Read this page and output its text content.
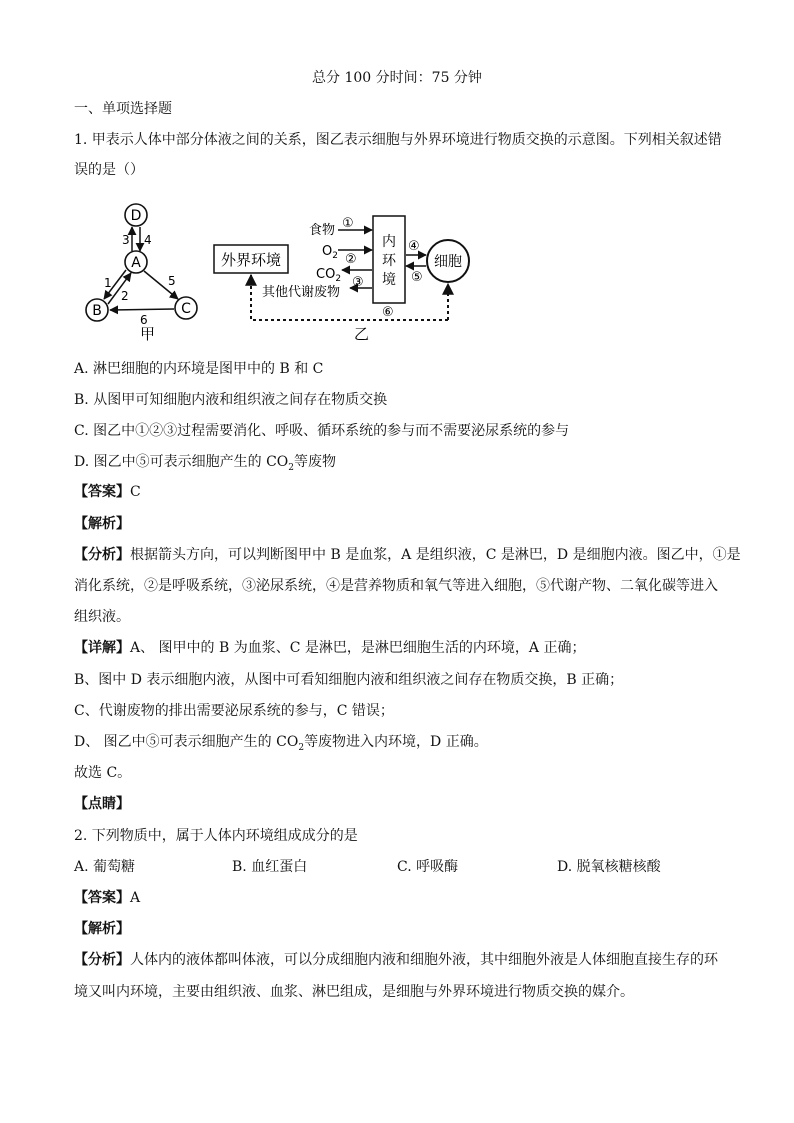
总分 100 分时间：75 分钟
一、单项选择题
1. 甲表示人体中部分体液之间的关系，图乙表示细胞与外界环境进行物质交换的示意图。下列相关叙述错
误的是（）
D
A
B	C
3 4
1
2
5
6
甲
外界环境
内
环
境
细胞
食物 ①
$O_2$ ②
$CO_2$
其他代谢废物
③
④
⑤
⑥
乙
A. 淋巴细胞的内环境是图甲中的 B 和 C
B. 从图甲可知细胞内液和组织液之间存在物质交换
C. 图乙中①②③过程需要消化、呼吸、循环系统的参与而不需要泌尿系统的参与
D. 图乙中⑤可表示细胞产生的 $CO_2$等废物
【答案】C
【解析】
【分析】根据箭头方向，可以判断图甲中 B 是血浆，A 是组织液，C 是淋巴，D 是细胞内液。图乙中，①是
消化系统，②是呼吸系统，③泌尿系统，④是营养物质和氧气等进入细胞，⑤代谢产物、二氧化碳等进入
组织液。
【详解】A、 图甲中的 B 为血浆、C 是淋巴，是淋巴细胞生活的内环境，A 正确；
B、图中 D 表示细胞内液，从图中可看知细胞内液和组织液之间存在物质交换，B 正确；
C、代谢废物的排出需要泌尿系统的参与，C 错误；
D、 图乙中⑤可表示细胞产生的 $CO_2$等废物进入内环境，D 正确。
故选 C。
【点睛】
2. 下列物质中，属于人体内环境组成成分的是
A. 葡萄糖	B. 血红蛋白	C. 呼吸酶	D. 脱氧核糖核酸
【答案】A
【解析】
【分析】人体内的液体都叫体液，可以分成细胞内液和细胞外液，其中细胞外液是人体细胞直接生存的环
境又叫内环境，主要由组织液、血浆、淋巴组成，是细胞与外界环境进行物质交换的媒介。
